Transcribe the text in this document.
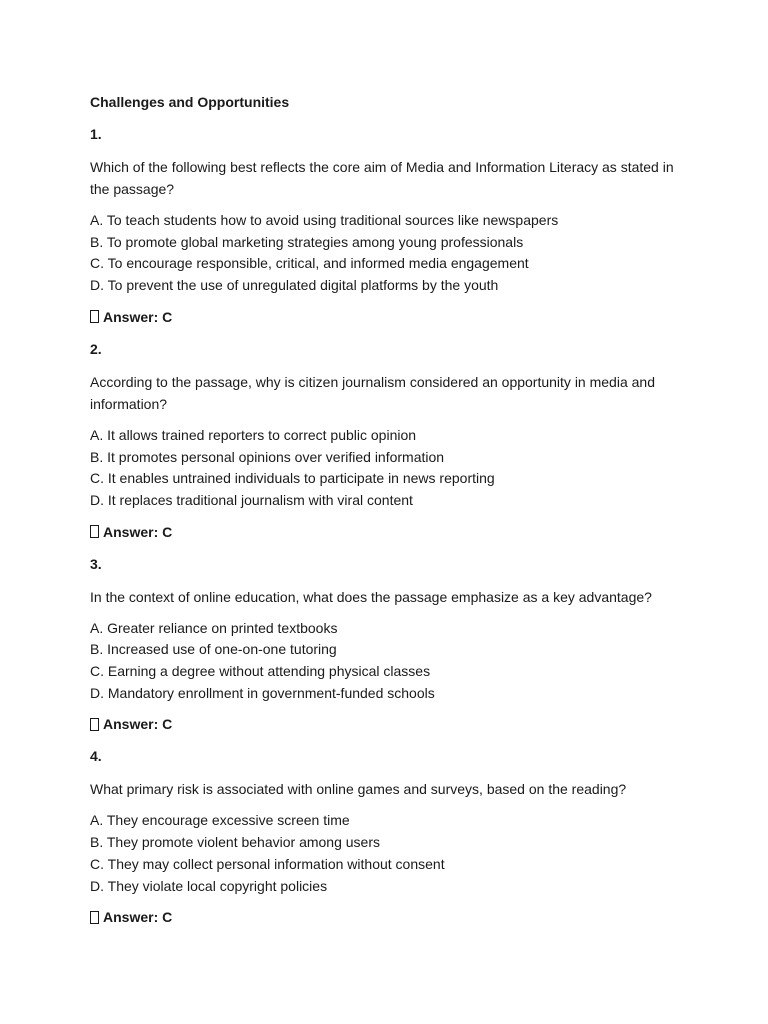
Challenges and Opportunities

1.

Which of the following best reflects the core aim of Media and Information Literacy as stated in the passage?

A. To teach students how to avoid using traditional sources like newspapers
B. To promote global marketing strategies among young professionals
C. To encourage responsible, critical, and informed media engagement
D. To prevent the use of unregulated digital platforms by the youth

Answer: C

2.

According to the passage, why is citizen journalism considered an opportunity in media and information?

A. It allows trained reporters to correct public opinion
B. It promotes personal opinions over verified information
C. It enables untrained individuals to participate in news reporting
D. It replaces traditional journalism with viral content

Answer: C

3.

In the context of online education, what does the passage emphasize as a key advantage?

A. Greater reliance on printed textbooks
B. Increased use of one-on-one tutoring
C. Earning a degree without attending physical classes
D. Mandatory enrollment in government-funded schools

Answer: C

4.

What primary risk is associated with online games and surveys, based on the reading?

A. They encourage excessive screen time
B. They promote violent behavior among users
C. They may collect personal information without consent
D. They violate local copyright policies

Answer: C
